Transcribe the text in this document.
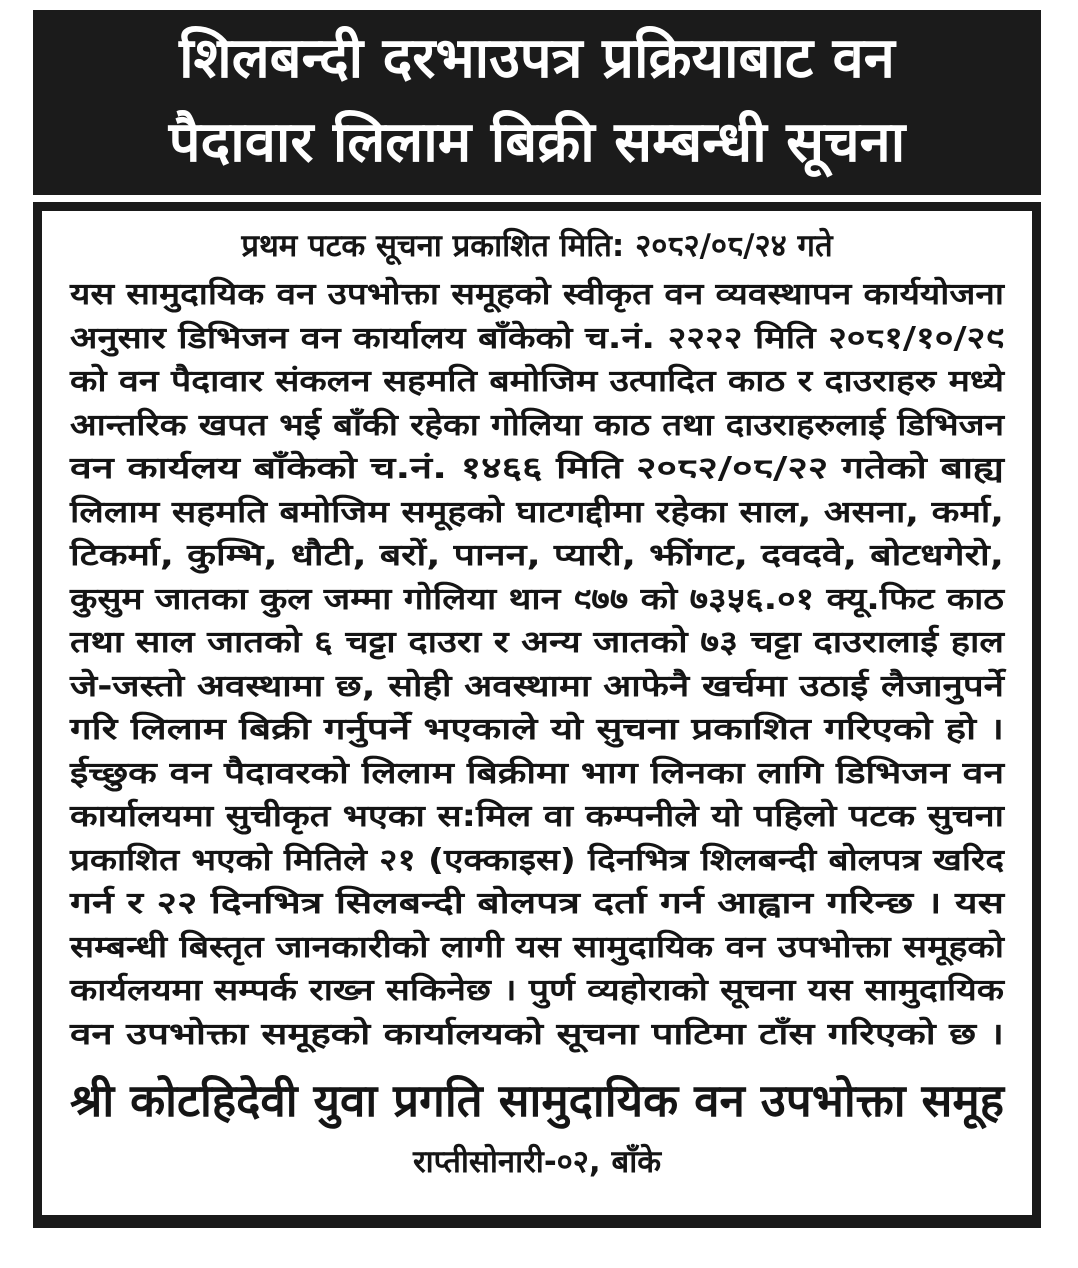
शिलबन्दी दरभाउपत्र प्रक्रियाबाट वन
पैदावार लिलाम बिक्री सम्बन्धी सूचना
प्रथम पटक सूचना प्रकाशित मिति: २०८२/०८/२४ गते
यस सामुदायिक वन उपभोक्ता समूहको स्वीकृत वन व्यवस्थापन कार्ययोजना
अनुसार डिभिजन वन कार्यालय बाँकेको च.नं. २२२२ मिति २०८१/१०/२९
को वन पैदावार संकलन सहमति बमोजिम उत्पादित काठ र दाउराहरु मध्ये
आन्तरिक खपत भई बाँकी रहेका गोलिया काठ तथा दाउराहरुलाई डिभिजन
वन कार्यलय बाँकेको च.नं. १४६६ मिति २०८२/०८/२२ गतेको बाह्य
लिलाम सहमति बमोजिम समूहको घाटगद्दीमा रहेका साल, असना, कर्मा,
टिकर्मा, कुम्भि, धौटी, बरों, पानन, प्यारी, झींगट, दवदवे, बोटधगेरो,
कुसुम जातका कुल जम्मा गोलिया थान ९७७ को ७३५६.०१ क्यू.फिट काठ
तथा साल जातको ६ चट्टा दाउरा र अन्य जातको ७३ चट्टा दाउरालाई हाल
जे-जस्तो अवस्थामा छ, सोही अवस्थामा आफेनै खर्चमा उठाई लैजानुपर्ने
गरि लिलाम बिक्री गर्नुपर्ने भएकाले यो सुचना प्रकाशित गरिएको हो ।
ईच्छुक वन पैदावरको लिलाम बिक्रीमा भाग लिनका लागि डिभिजन वन
कार्यालयमा सुचीकृत भएका स:मिल वा कम्पनीले यो पहिलो पटक सुचना
प्रकाशित भएको मितिले २१ (एक्काइस) दिनभित्र शिलबन्दी बोलपत्र खरिद
गर्न र २२ दिनभित्र सिलबन्दी बोलपत्र दर्ता गर्न आह्वान गरिन्छ । यस
सम्बन्धी बिस्तृत जानकारीको लागी यस सामुदायिक वन उपभोक्ता समूहको
कार्यलयमा सम्पर्क राख्न सकिनेछ । पुर्ण व्यहोराको सूचना यस सामुदायिक
वन उपभोक्ता समूहको कार्यालयको सूचना पाटिमा टाँस गरिएको छ ।
श्री कोटहिदेवी युवा प्रगति सामुदायिक वन उपभोक्ता समूह
राप्तीसोनारी-०२, बाँके
